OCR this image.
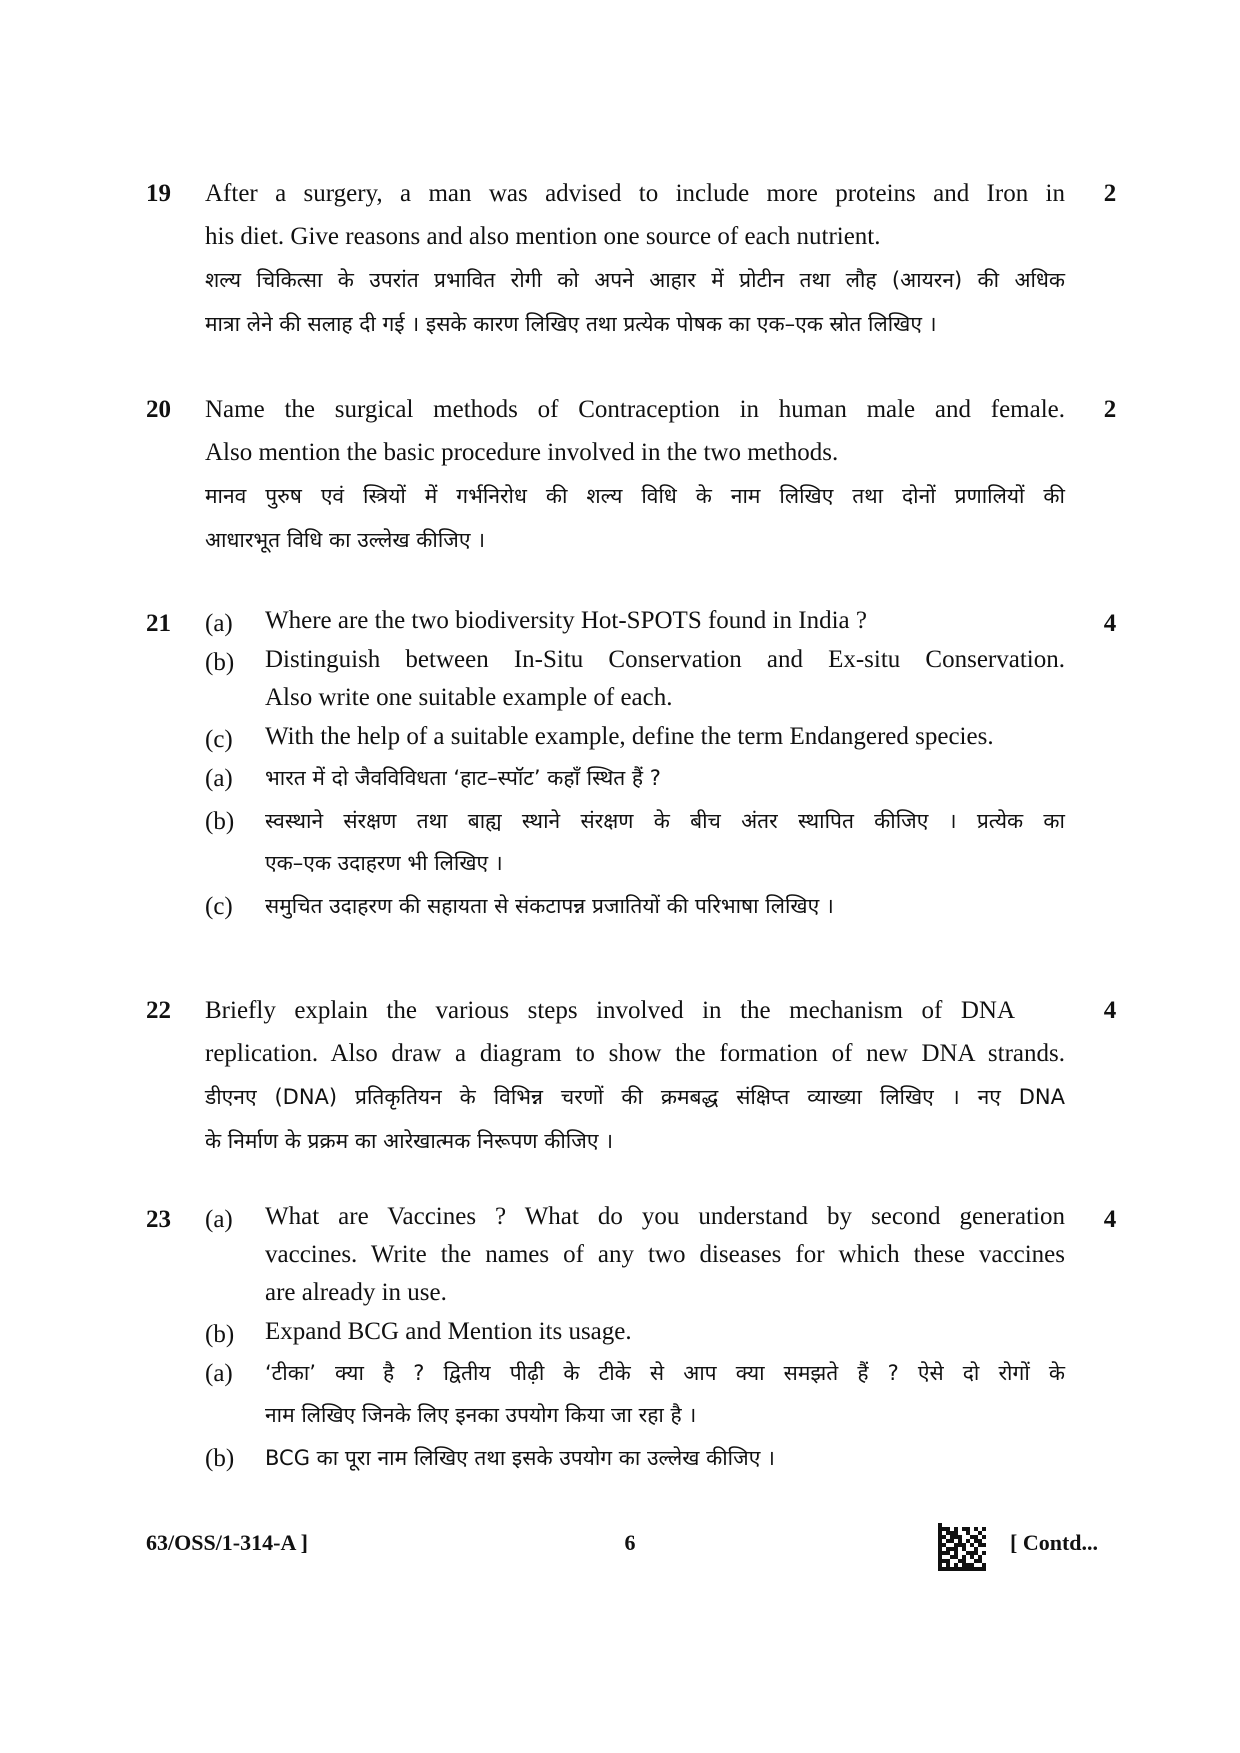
19	2
After a surgery, a man was advised to include more proteins and Iron in
his diet. Give reasons and also mention one source of each nutrient.
शल्य चिकित्सा के उपरांत प्रभावित रोगी को अपने आहार में प्रोटीन तथा लौह (आयरन) की अधिक
मात्रा लेने की सलाह दी गई । इसके कारण लिखिए तथा प्रत्येक पोषक का एक–एक स्रोत लिखिए ।
20	2
Name the surgical methods of Contraception in human male and female.
Also mention the basic procedure involved in the two methods.
मानव पुरुष एवं स्त्रियों में गर्भनिरोध की शल्य विधि के नाम लिखिए तथा दोनों प्रणालियों की
आधारभूत विधि का उल्लेख कीजिए ।
21	4
(a)	Where are the two biodiversity Hot-SPOTS found in India ?
(b)	Distinguish between In-Situ Conservation and Ex-situ Conservation.
Also write one suitable example of each.
(c)	With the help of a suitable example, define the term Endangered species.
(a)	भारत में दो जैवविविधता ‘हाट–स्पॉट’ कहाँ स्थित हैं ?
(b)	स्वस्थाने संरक्षण तथा बाह्य स्थाने संरक्षण के बीच अंतर स्थापित कीजिए । प्रत्येक का
एक–एक उदाहरण भी लिखिए ।
(c)	समुचित उदाहरण की सहायता से संकटापन्न प्रजातियों की परिभाषा लिखिए ।
22	4
Briefly explain the various steps involved in the mechanism of DNA
replication. Also draw a diagram to show the formation of new DNA strands.
डीएनए (DNA) प्रतिकृतियन के विभिन्न चरणों की क्रमबद्ध संक्षिप्त व्याख्या लिखिए । नए DNA
के निर्माण के प्रक्रम का आरेखात्मक निरूपण कीजिए ।
23	4
(a)	What are Vaccines ? What do you understand by second generation
vaccines. Write the names of any two diseases for which these vaccines
are already in use.
(b)	Expand BCG and Mention its usage.
(a)	‘टीका’ क्या है ? द्वितीय पीढ़ी के टीके से आप क्या समझते हैं ? ऐसे दो रोगों के
नाम लिखिए जिनके लिए इनका उपयोग किया जा रहा है ।
(b)	BCG का पूरा नाम लिखिए तथा इसके उपयोग का उल्लेख कीजिए ।
63/OSS/1-314-A ]	6	[ Contd...
